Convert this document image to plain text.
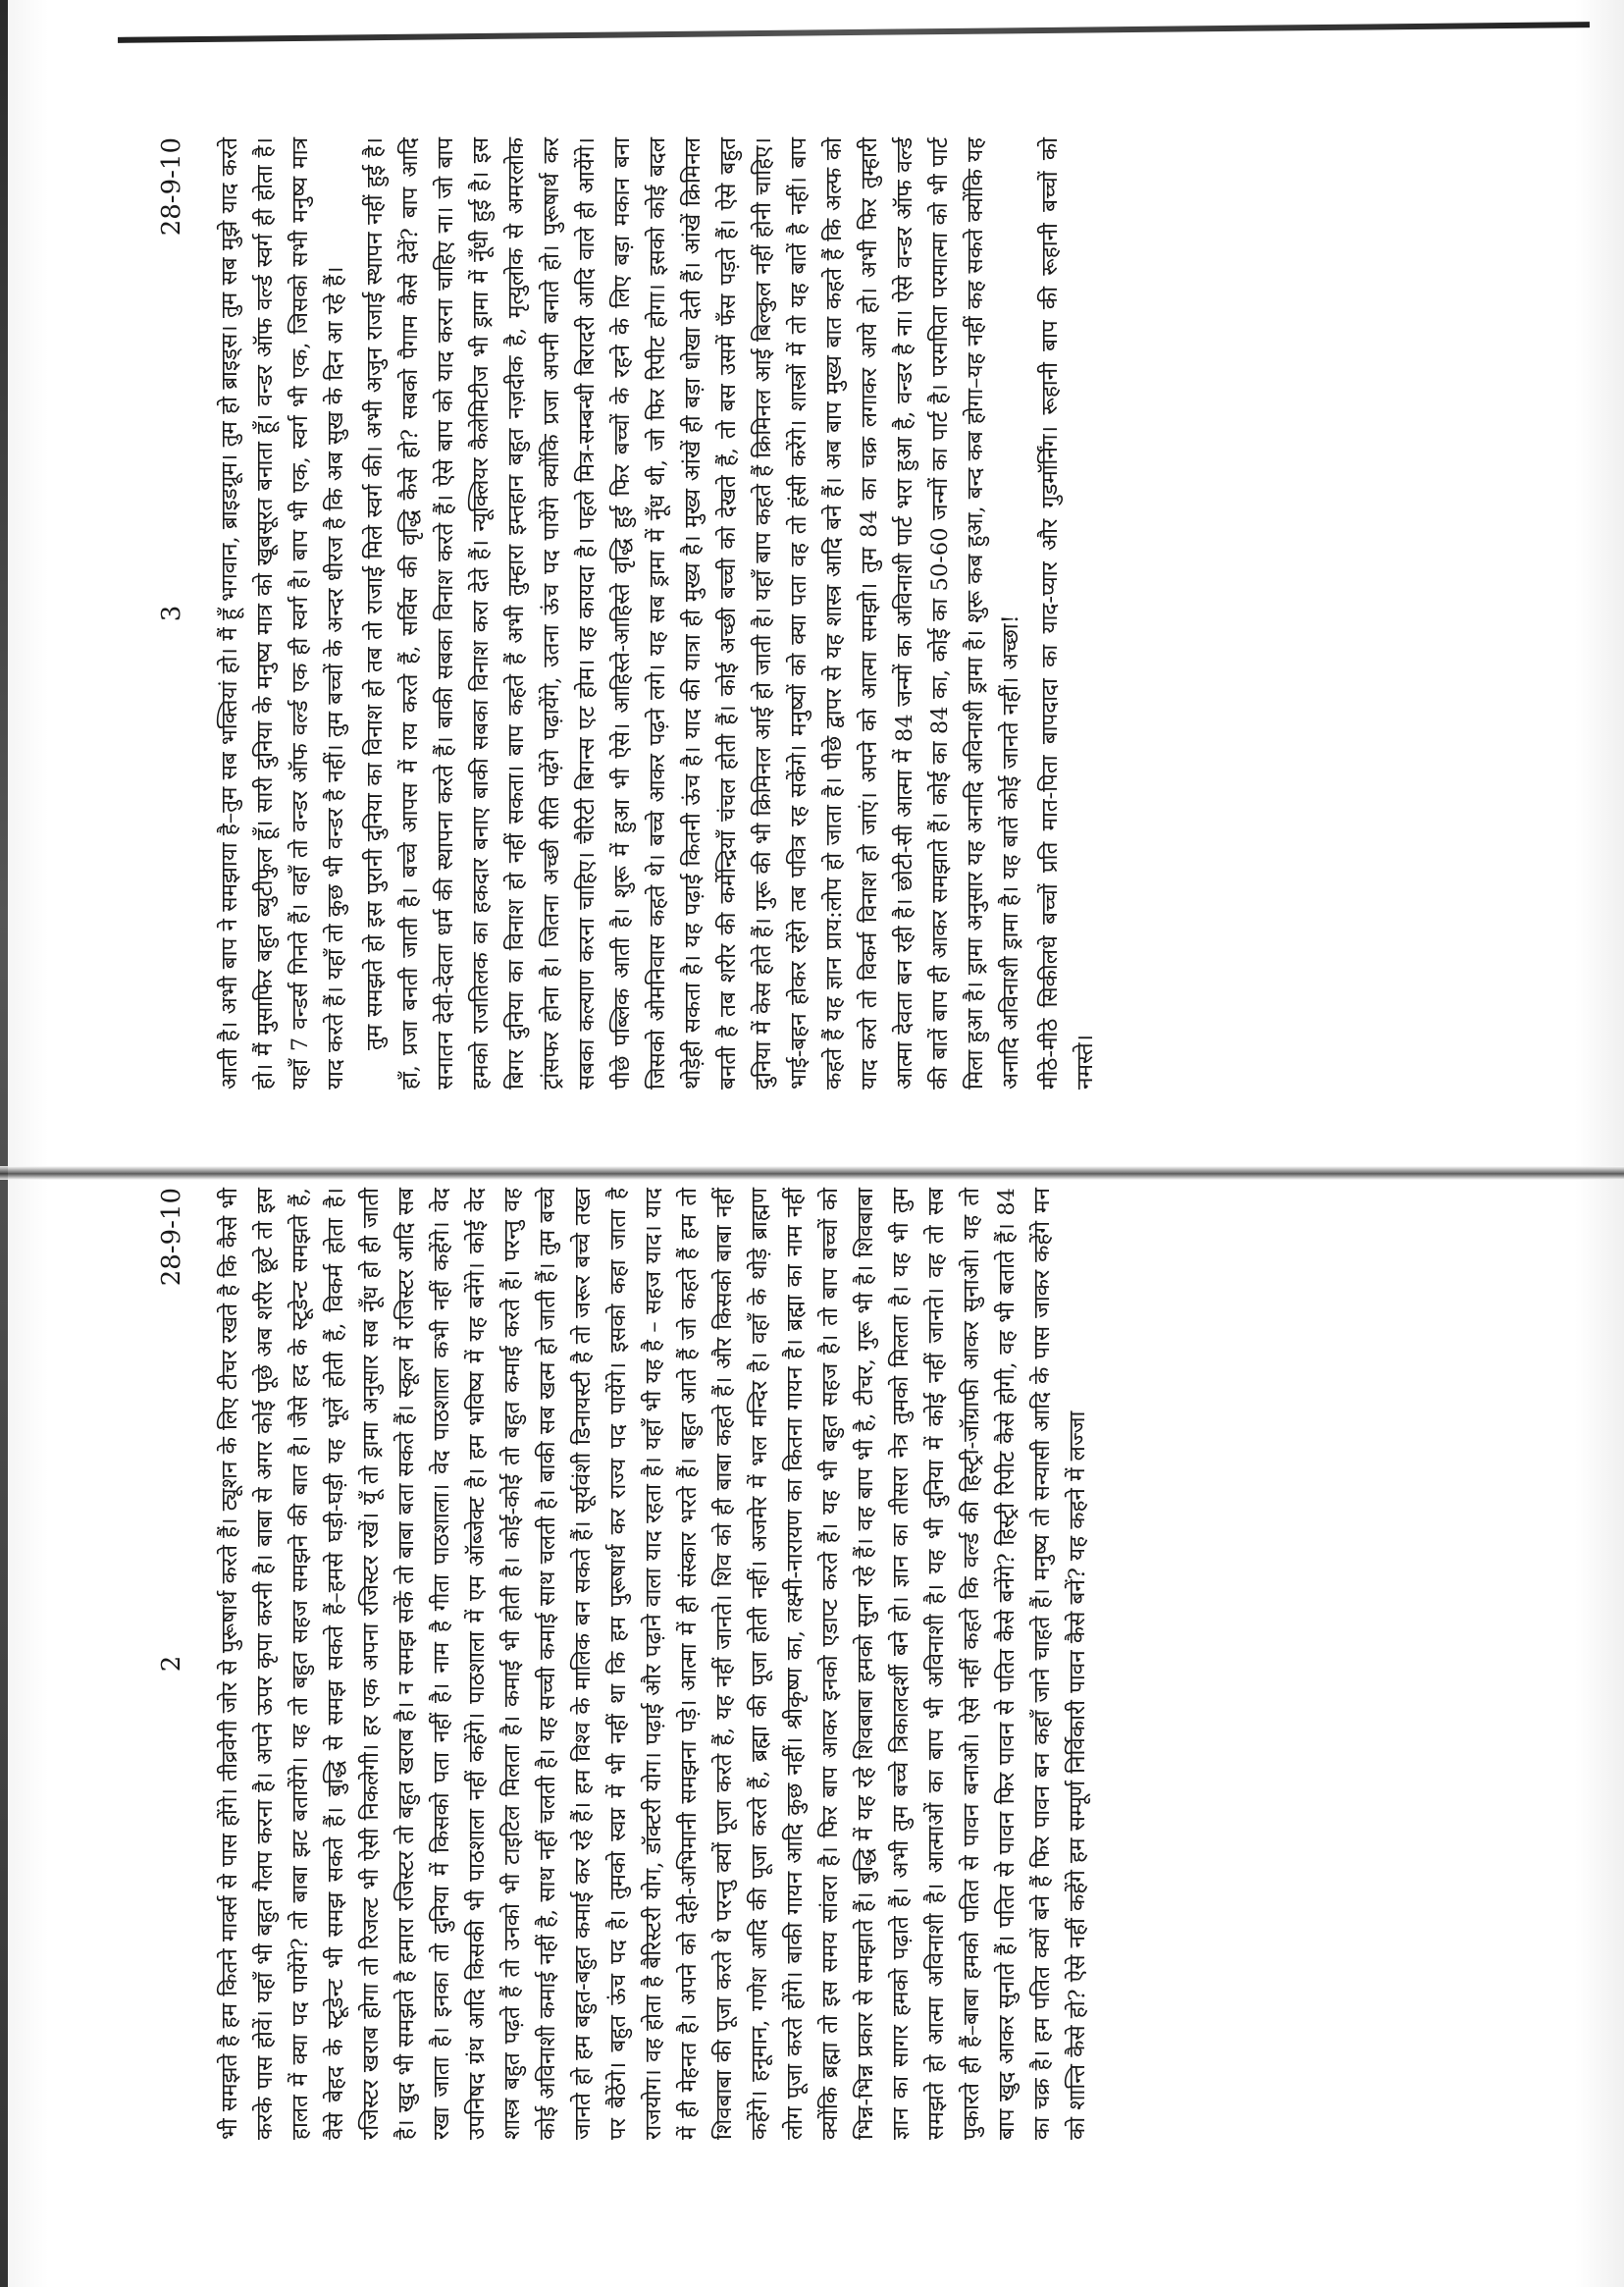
3
28-9-10 आती है। अभी बाप ने समझाया है–तुम सब भक्तियां हो। मैं हूँ भगवान, ब्राइडग्रूम। तुम हो ब्राइड्स। तुम सब मुझे याद करते हो। मैं मुसाफिर बहुत ब्युटीफुल हूँ। सारी दुनिया के मनुष्य मात्र को खूबसूरत बनाता हूँ। वन्डर ऑफ वर्ल्ड स्वर्ग ही होता है। यहाँ 7 वन्डर्स गिनते हैं। वहाँ तो वन्डर ऑफ वर्ल्ड एक ही स्वर्ग है। बाप भी एक, स्वर्ग भी एक, जिसको सभी मनुष्य मात्र याद करते हैं। यहाँ तो कुछ भी वन्डर है नहीं। तुम बच्चों के अन्दर धीरज है कि अब सुख के दिन आ रहे हैं। तुम समझते हो इस पुरानी दुनिया का विनाश हो तब तो राजाई मिले स्वर्ग की। अभी अजुन राजाई स्थापन नहीं हुई है। हाँ, प्रजा बनती जाती है। बच्चे आपस में राय करते हैं, सर्विस की वृद्धि कैसे हो? सबको पैगाम कैसे देवें? बाप आदि सनातन देवी-देवता धर्म की स्थापना करते हैं। बाकी सबका विनाश करते हैं। ऐसे बाप को याद करना चाहिए ना। जो बाप हमको राजतिलक का हकदार बनाए बाकी सबका विनाश करा देते हैं। न्यूक्लियर कैलेमिटीज भी ड्रामा में नूँधी हुई है। इस बिगर दुनिया का विनाश हो नहीं सकता। बाप कहते हैं अभी तुम्हारा इम्तहान बहुत नज़दीक है, मृत्युलोक से अमरलोक ट्रांसफर होना है। जितना अच्छी रीति पढ़ेंगे पढ़ायेंगे, उतना ऊंच पद पायेंगे क्योंकि प्रजा अपनी बनाते हो। पुरूषार्थ कर सबका कल्याण करना चाहिए। चैरिटी बिगन्स एट होम। यह कायदा है। पहले मित्र-सम्बन्धी बिरादरी आदि वाले ही आयेंगे। पीछे पब्लिक आती है। शुरू में हुआ भी ऐसे। आहिस्ते-आहिस्ते वृद्धि हुई फिर बच्चों के रहने के लिए बड़ा मकान बना जिसको ओमनिवास कहते थे। बच्चे आकर पढ़ने लगे। यह सब ड्रामा में नूँध थी, जो फिर रिपीट होगा। इसको कोई बदल थोड़ेही सकता है। यह पढ़ाई कितनी ऊंच है। याद की यात्रा ही मुख्य है। मुख्य आंखें ही बड़ा धोखा देती हैं। आंखें क्रिमिनल बनती है तब शरीर की कर्मेन्द्रियाँ चंचल होती हैं। कोई अच्छी बच्ची को देखते हैं, तो बस उसमें फँस पड़ते हैं। ऐसे बहुत दुनिया में केस होते हैं। गुरू की भी क्रिमिनल आई हो जाती है। यहाँ बाप कहते हैं क्रिमिनल आई बिल्कुल नहीं होनी चाहिए। भाई-बहन होकर रहेंगे तब पवित्र रह सकेंगे। मनुष्यों को क्या पता वह तो हंसी करेंगे। शास्त्रों में तो यह बातें है नहीं। बाप कहते हैं यह ज्ञान प्राय:लोप हो जाता है। पीछे द्वापर से यह शास्त्र आदि बने हैं। अब बाप मुख्य बात कहते हैं कि अल्फ को याद करो तो विकर्म विनाश हो जाएं। अपने को आत्मा समझो। तुम 84 का चक्र लगाकर आये हो। अभी फिर तुम्हारी आत्मा देवता बन रही है। छोटी-सी आत्मा में 84 जन्मों का अविनाशी पार्ट भरा हुआ है, वन्डर है ना। ऐसे वन्डर ऑफ वर्ल्ड की बातें बाप ही आकर समझाते हैं। कोई का 84 का, कोई का 50-60 जन्मों का पार्ट है। परमपिता परमात्मा को भी पार्ट मिला हुआ है। ड्रामा अनुसार यह अनादि अविनाशी ड्रामा है। शुरू कब हुआ, बन्द कब होगा–यह नहीं कह सकते क्योंकि यह अनादि अविनाशी ड्रामा है। यह बातें कोई जानते नहीं। अच्छा! मीठे-मीठे सिकीलधे बच्चों प्रति मात-पिता बापदादा का याद-प्यार और गुडमॉर्निंग। रूहानी बाप की रूहानी बच्चों को नमस्ते।

2
28-9-10 भी समझते है हम कितने मार्क्स से पास होंगे। तीव्रवेगी जोर से पुरूषार्थ करते हैं। ट्यूशन के लिए टीचर रखते है कि कैसे भी करके पास होवें। यहाँ भी बहुत गैलप करना है। अपने ऊपर कृपा करनी है। बाबा से अगर कोई पूछे अब शरीर छूटे तो इस हालत में क्या पद पायेंगे? तो बाबा झट बतायेंगे। यह तो बहुत सहज समझने की बात है। जैसे हद के स्टूडेन्ट समझते हैं, वैसे बेहद के स्टूडेन्ट भी समझ सकते हैं। बुद्धि से समझ सकते हैं–हमसे घड़ी-घड़ी यह भूलें होती हैं, विकर्म होता है। रजिस्टर खराब होगा तो रिजल्ट भी ऐसी निकलेगी। हर एक अपना रजिस्टर रखें। यूँ तो ड्रामा अनुसार सब नूँध हो ही जाती है। खुद भी समझते है हमारा रजिस्टर तो बहुत खराब है। न समझ सकें तो बाबा बता सकते हैं। स्कूल में रजिस्टर आदि सब रखा जाता है। इनका तो दुनिया में किसको पता नहीं है। नाम है गीता पाठशाला। वेद पाठशाला कभी नहीं कहेंगे। वेद उपनिषद ग्रंथ आदि किसकी भी पाठशाला नहीं कहेंगे। पाठशाला में एम ऑब्जेक्ट है। हम भविष्य में यह बनेंगे। कोई वेद शास्त्र बहुत पढ़ते हैं तो उनको भी टाइटिल मिलता है। कमाई भी होती है। कोई-कोई तो बहुत कमाई करते हैं। परन्तु वह कोई अविनाशी कमाई नहीं है, साथ नहीं चलती है। यह सच्ची कमाई साथ चलती है। बाकी सब खत्म हो जाती हैं। तुम बच्चे जानते हो हम बहुत-बहुत कमाई कर रहे हैं। हम विश्व के मालिक बन सकते हैं। सूर्यवंशी डिनायस्टी है तो जरूर बच्चे तख्त पर बैठेंगे। बहुत ऊंच पद है। तुमको स्वप्न में भी नहीं था कि हम पुरूषार्थ कर राज्य पद पायेंगे। इसको कहा जाता है राजयोग। वह होता है बैरिस्टरी योग, डॉक्टरी योग। पढ़ाई और पढ़ाने वाला याद रहता है। यहाँ भी यह है – सहज याद। याद में ही मेहनत है। अपने को देही-अभिमानी समझना पड़े। आत्मा में ही संस्कार भरते हैं। बहुत आते हैं जो कहते हैं हम तो शिवबाबा की पूजा करते थे परन्तु क्यों पूजा करते हैं, यह नहीं जानते। शिव को ही बाबा कहते हैं। और किसको बाबा नहीं कहेंगे। हनूमान, गणेश आदि की पूजा करते हैं, ब्रह्मा की पूजा होती नहीं। अजमेर में भल मन्दिर है। वहाँ के थोड़े ब्राह्मण लोग पूजा करते होंगे। बाकी गायन आदि कुछ नहीं। श्रीकृष्ण का, लक्ष्मी-नारायण का कितना गायन है। ब्रह्मा का नाम नहीं क्योंकि ब्रह्मा तो इस समय सांवरा है। फिर बाप आकर इनको एडाप्ट करते हैं। यह भी बहुत सहज है। तो बाप बच्चों को भिन्न-भिन्न प्रकार से समझाते हैं। बुद्धि में यह रहे शिवबाबा हमको सुना रहे हैं। वह बाप भी है, टीचर, गुरू भी है। शिवबाबा ज्ञान का सागर हमको पढ़ाते हैं। अभी तुम बच्चे त्रिकालदर्शी बने हो। ज्ञान का तीसरा नेत्र तुमको मिलता है। यह भी तुम समझते हो आत्मा अविनाशी है। आत्माओं का बाप भी अविनाशी है। यह भी दुनिया में कोई नहीं जानते। वह तो सब पुकारते ही हैं–बाबा हमको पतित से पावन बनाओ। ऐसे नहीं कहते कि वर्ल्ड की हिस्ट्री-जॉग्राफी आकर सुनाओ। यह तो बाप खुद आकर सुनाते हैं। पतित से पावन फिर पावन से पतित कैसे बनेंगे? हिस्ट्री रिपीट कैसे होगी, वह भी बताते हैं। 84 का चक्र है। हम पतित क्यों बने हैं फिर पावन बन कहाँ जाने चाहते हैं। मनुष्य तो सन्यासी आदि के पास जाकर कहेंगे मन को शान्ति कैसे हो? ऐसे नहीं कहेंगे हम सम्पूर्ण निर्विकारी पावन कैसे बनें? यह कहने में लज्जा
